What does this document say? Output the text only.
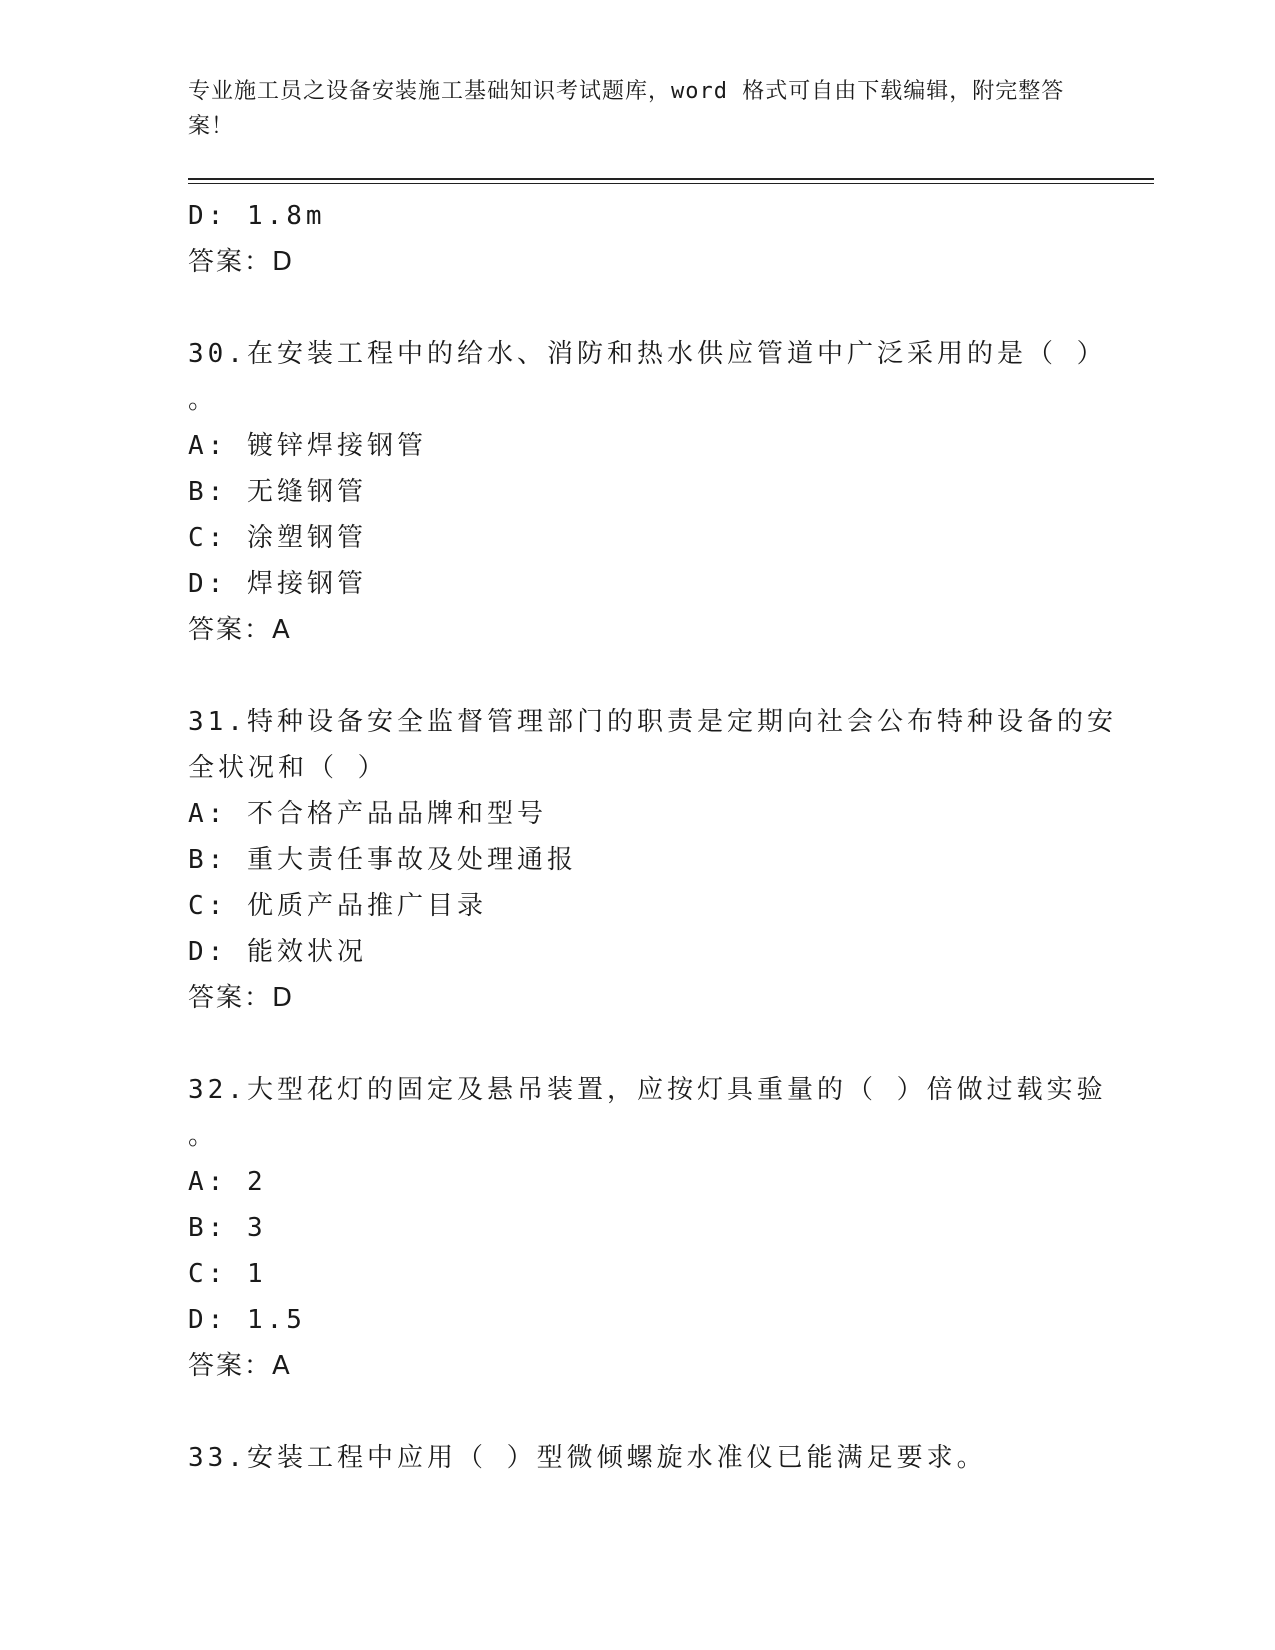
专业施工员之设备安装施工基础知识考试题库，word 格式可自由下载编辑，附完整答案！
D: 1.8m
答案：D
30.在安装工程中的给水、消防和热水供应管道中广泛采用的是（ ）
。
A: 镀锌焊接钢管
B: 无缝钢管
C: 涂塑钢管
D: 焊接钢管
答案：A
31.特种设备安全监督管理部门的职责是定期向社会公布特种设备的安
全状况和（ ）
A: 不合格产品品牌和型号
B: 重大责任事故及处理通报
C: 优质产品推广目录
D: 能效状况
答案：D
32.大型花灯的固定及悬吊装置，应按灯具重量的（ ）倍做过载实验
。
A: 2
B: 3
C: 1
D: 1.5
答案：A
33.安装工程中应用（ ）型微倾螺旋水准仪已能满足要求。
